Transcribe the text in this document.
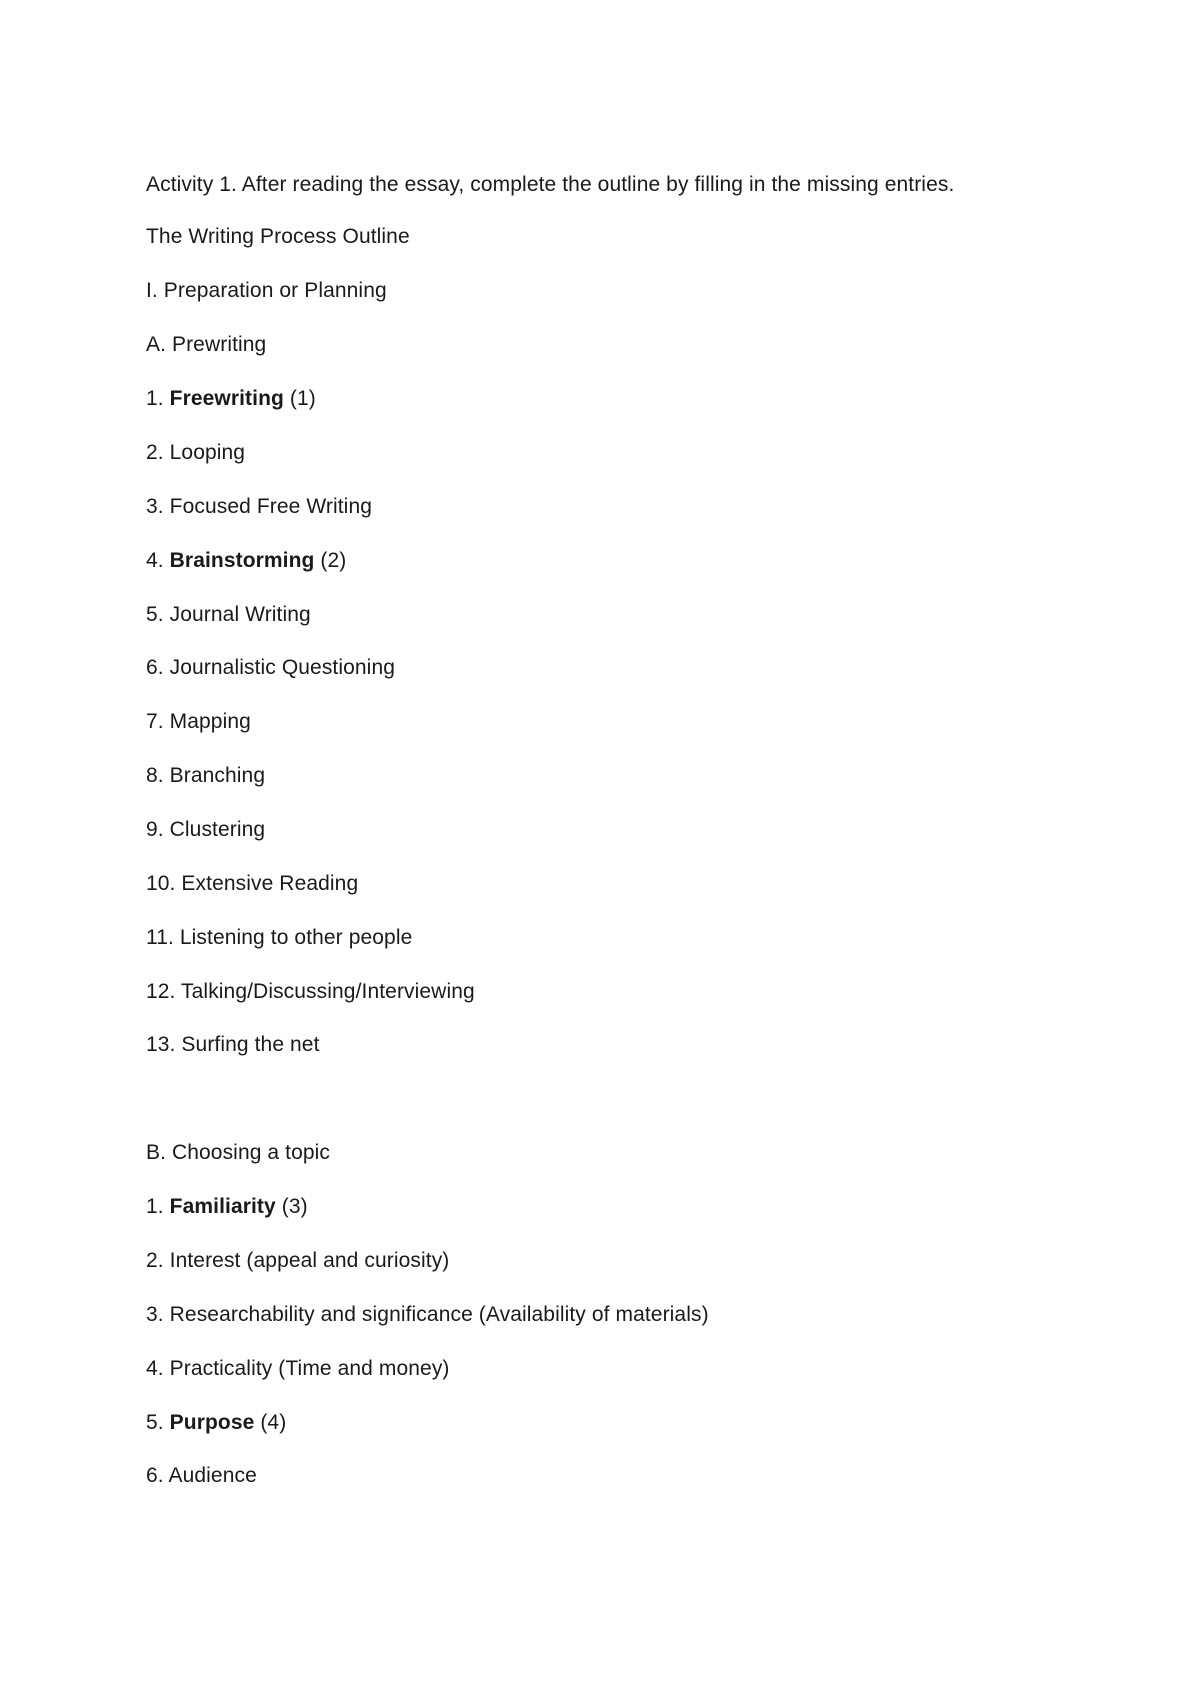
Activity 1. After reading the essay, complete the outline by filling in the missing entries.
The Writing Process Outline
I. Preparation or Planning
A. Prewriting
1. Freewriting (1)
2. Looping
3. Focused Free Writing
4. Brainstorming (2)
5. Journal Writing
6. Journalistic Questioning
7. Mapping
8. Branching
9. Clustering
10. Extensive Reading
11. Listening to other people
12. Talking/Discussing/Interviewing
13. Surfing the net
B. Choosing a topic
1. Familiarity (3)
2. Interest (appeal and curiosity)
3. Researchability and significance (Availability of materials)
4. Practicality (Time and money)
5. Purpose (4)
6. Audience
